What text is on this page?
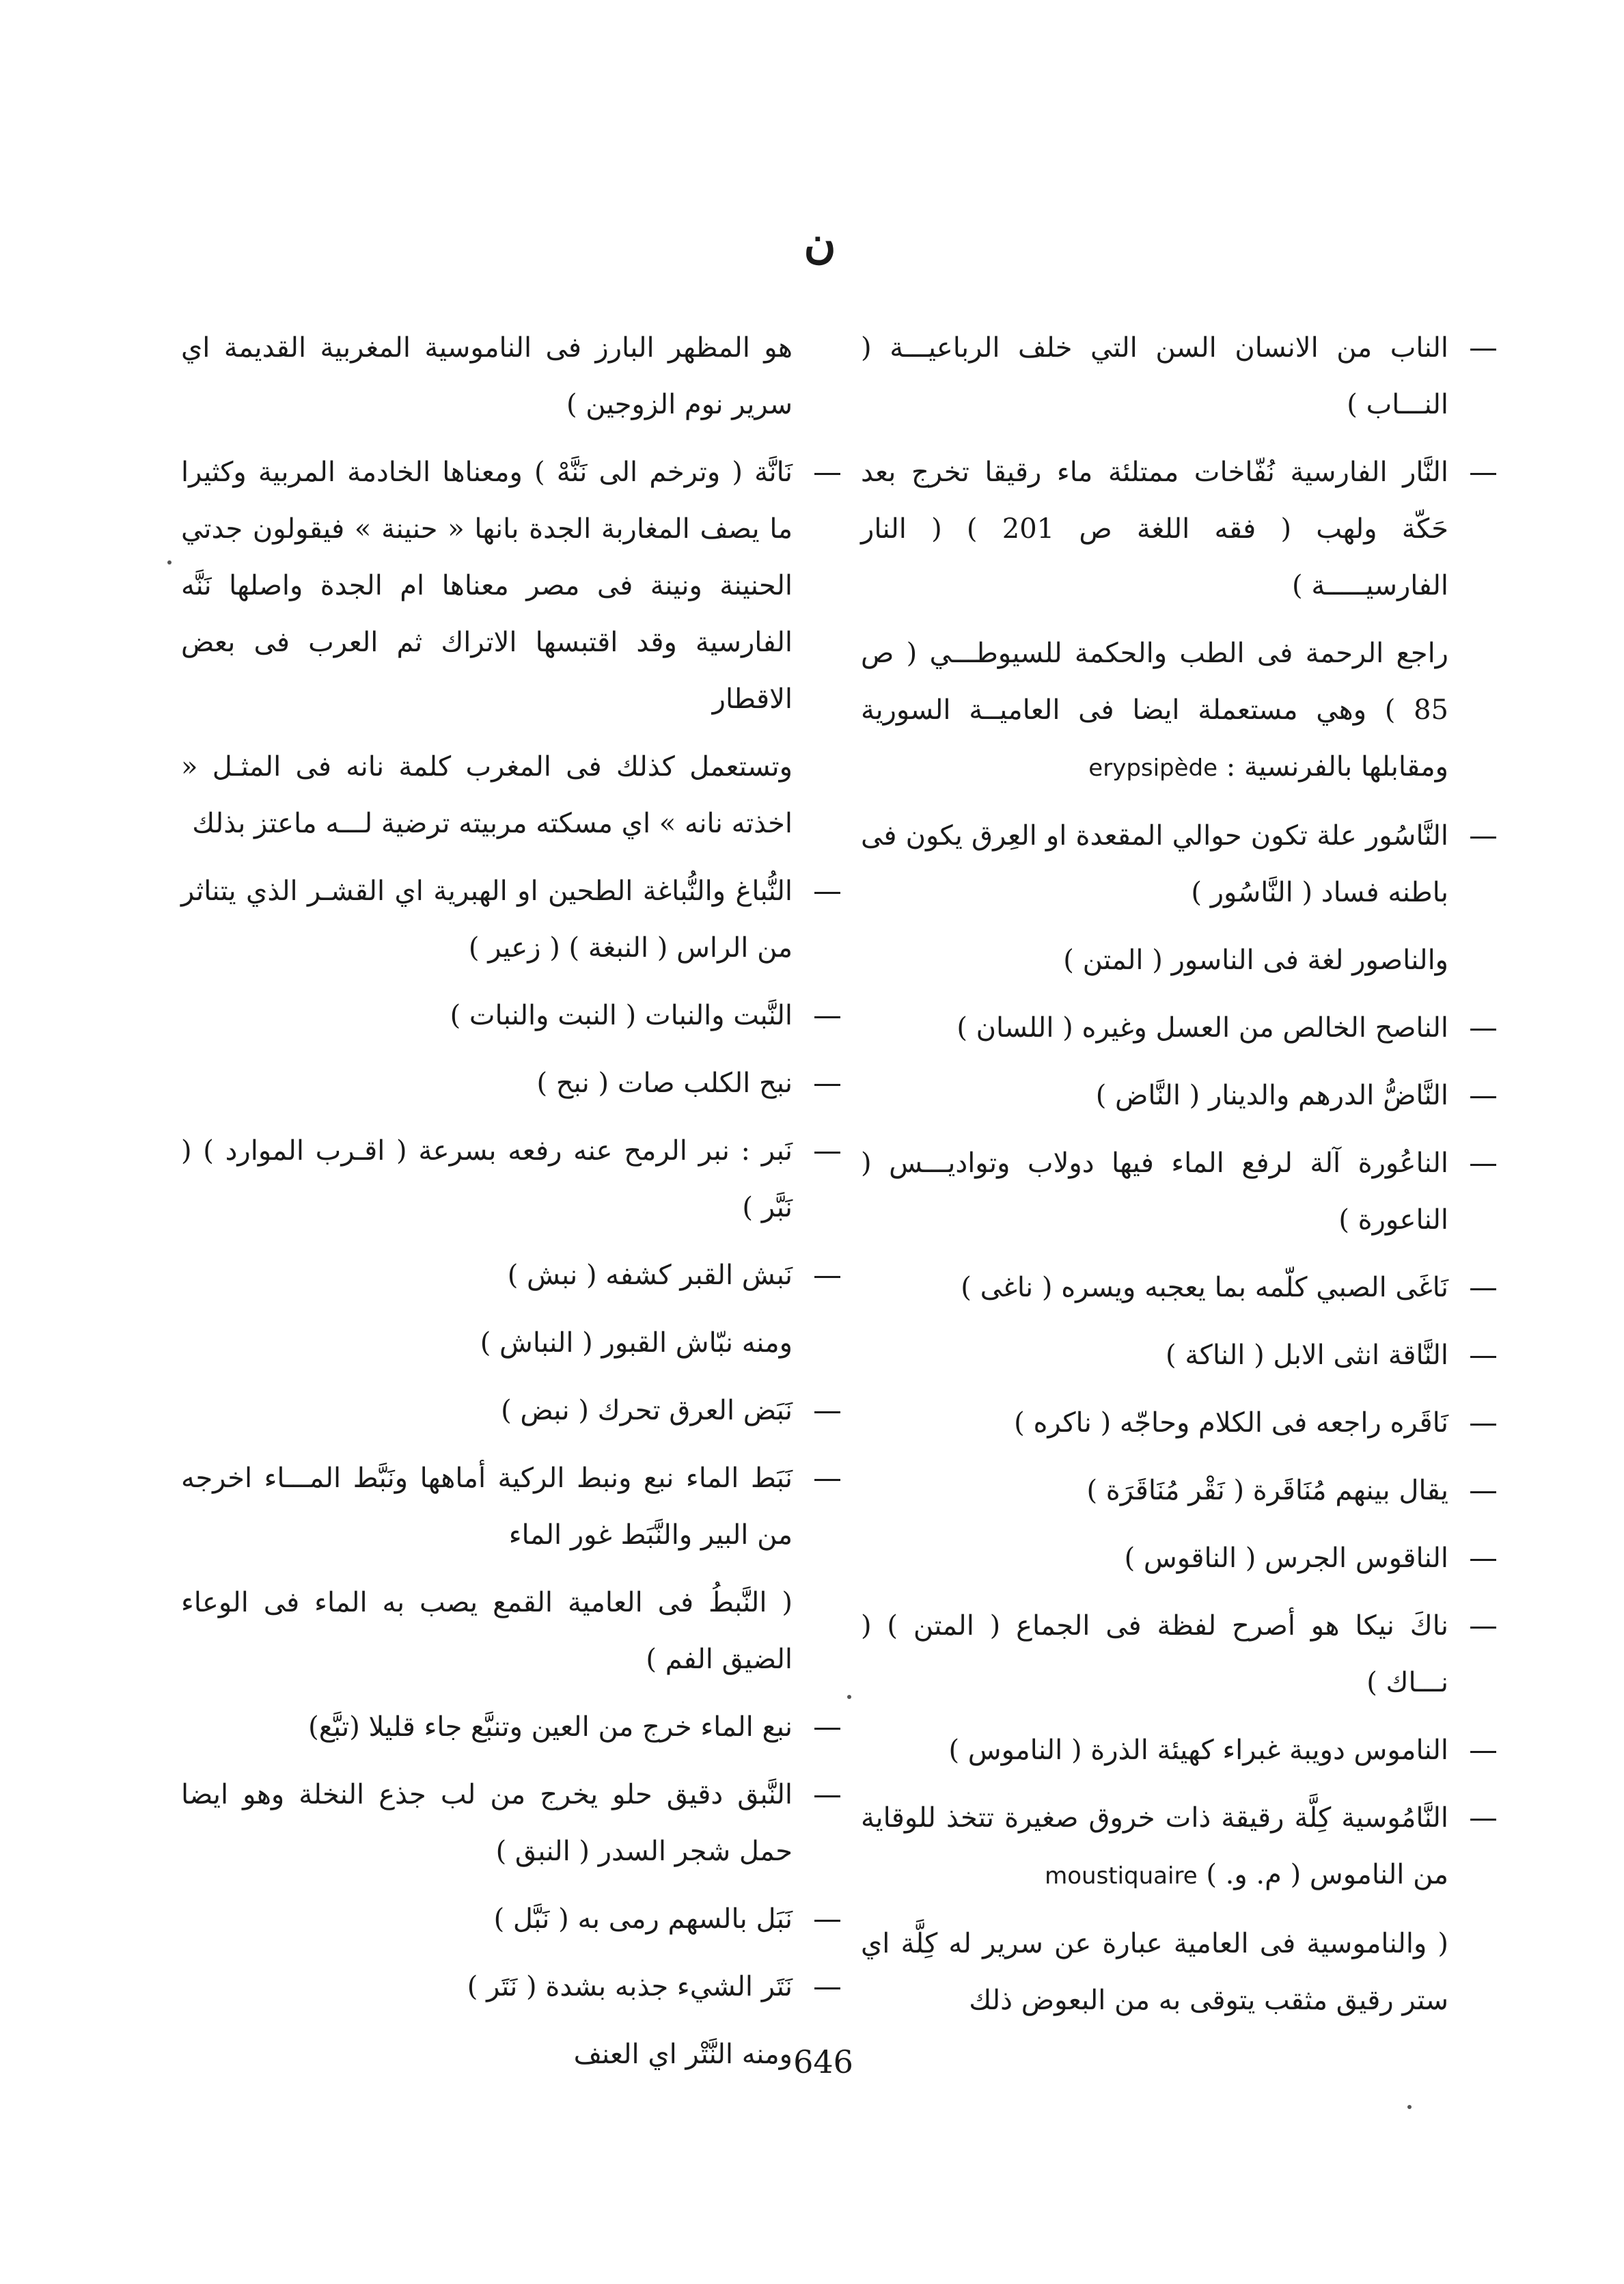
ن

الناب من الانسان السن التي خلف الرباعيـــة ( النـــاب )

النَّار الفارسية نُفّاخات ممتلئة ماء رقيقا تخرج بعد حَكّة ولهب ( فقه اللغة ص 201 ) ( النار الفارسيـــــة )

راجع الرحمة فى الطب والحكمة للسيوطـــي ( ص 85 ) وهي مستعملة ايضا فى العاميــة السورية ومقابلها بالفرنسية : erypsipède

النَّاسُور علة تكون حوالي المقعدة او العِرق يكون فى باطنه فساد ( النَّاسُور )

والناصور لغة فى الناسور ( المتن )

الناصح الخالص من العسل وغيره ( اللسان )

النَّاضُّ الدرهم والدينار ( النَّاض )

الناعُورة آلة لرفع الماء فيها دولاب وتواديـــس ( الناعورة )

نَاغَى الصبي كلّمه بما يعجبه ويسره ( ناغى )

النَّاقة انثى الابل ( الناكة )

نَاقَره راجعه فى الكلام وحاجّه ( ناكره )

يقال بينهم مُنَاقَرة ( نَقْر مُنَاقَرَة )

الناقوس الجرس ( الناقوس )

ناكَ نيكا هو أصرح لفظة فى الجماع ( المتن ) ( نـــاك )

الناموس دويبة غبراء كهيئة الذرة ( الناموس )

النَّامُوسية كِلَّة رقيقة ذات خروق صغيرة تتخذ للوقاية من الناموس ( م. و. ) moustiquaire

( والناموسية فى العامية عبارة عن سرير له كِلَّة اي ستر رقيق مثقب يتوقى به من البعوض ذلك

هو المظهر البارز فى الناموسية المغربية القديمة اي سرير نوم الزوجين )

نَانَّة ( وترخم الى نَنَّهْ ) ومعناها الخادمة المربية وكثيرا ما يصف المغاربة الجدة بانها « حنينة » فيقولون جدتي الحنينة ونينة فى مصر معناها ام الجدة واصلها نَنَّه الفارسية وقد اقتبسها الاتراك ثم العرب فى بعض الاقطار

وتستعمل كذلك فى المغرب كلمة نانه فى المثـل « اخذته نانه » اي مسكته مربيته ترضية لـــه ماعتز بذلك

النُّباغ والنُّباغة الطحين او الهبرية اي القشـر الذي يتناثر من الراس ( النبغة ) ( زعير )

النَّبت والنبات ( النبت والنبات )

نبح الكلب صات ( نبح )

نَبر : نبر الرمح عنه رفعه بسرعة ( اقـرب الموارد ) ( نَبَّر )

نَبش القبر كشفه ( نبش )

ومنه نبّاش القبور ( النباش )

نَبَض العرق تحرك ( نبض )

نَبَط الماء نبع ونبط الركية أماهها ونَبَّط المـــاء اخرجه من البير والنَّبَط غور الماء

( النَّبطُ فى العامية القمع يصب به الماء فى الوعاء الضيق الفم )

نبع الماء خرج من العين وتنبَّع جاء قليلا (تبَّع)

النَّبق دقيق حلو يخرج من لب جذع النخلة وهو ايضا حمل شجر السدر ( النبق )

نَبَل بالسهم رمى به ( نَبَّل )

نَتَر الشيء جذبه بشدة ( نَتَر )

ومنه النَّتْر اي العنف 646
